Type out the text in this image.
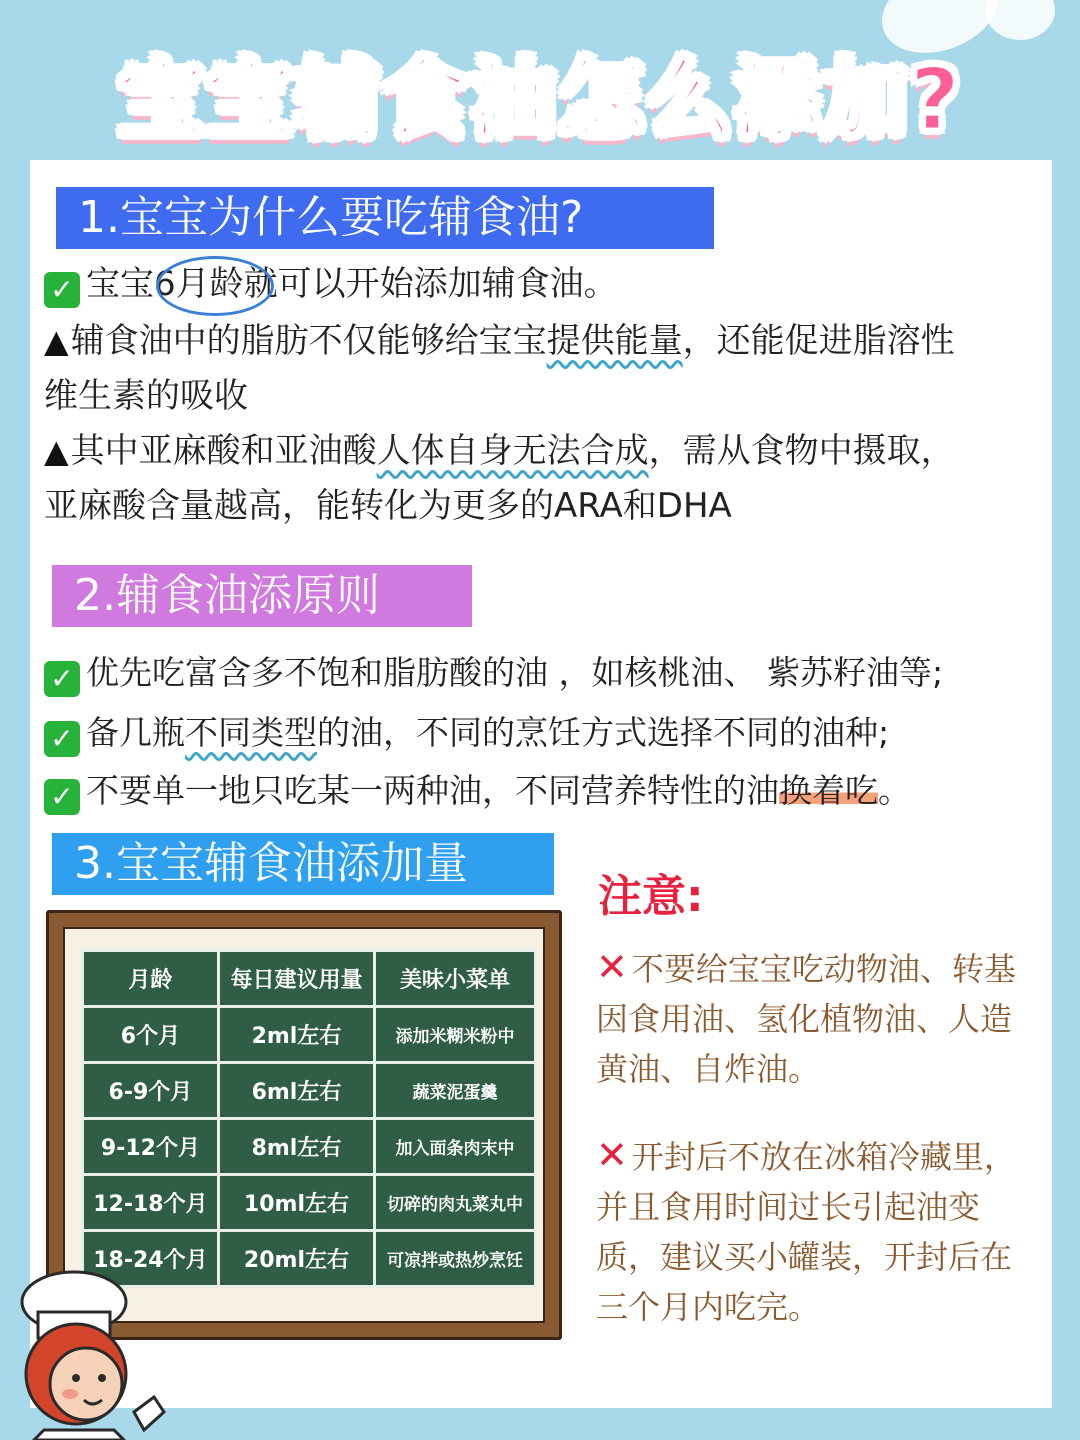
宝宝辅食油怎么添加?
1.宝宝为什么要吃辅食油?
✓ 宝宝6月龄就可以开始添加辅食油。
▲辅食油中的脂肪不仅能够给宝宝提供能量，还能促进脂溶性
维生素的吸收
▲其中亚麻酸和亚油酸人体自身无法合成，需从食物中摄取，
亚麻酸含量越高，能转化为更多的ARA和DHA
2.辅食油添原则
✓ 优先吃富含多不饱和脂肪酸的油 ，如核桃油、 紫苏籽油等;
✓ 备几瓶不同类型的油，不同的烹饪方式选择不同的油种;
✓ 不要单一地只吃某一两种油，不同营养特性的油换着吃。
3.宝宝辅食油添加量
月龄	每日建议用量	美味小菜单
6个月	2ml左右	添加米糊米粉中
6-9个月	6ml左右	蔬菜泥蛋羹
9-12个月	8ml左右	加入面条肉末中
12-18个月	10ml左右	切碎的肉丸菜丸中
18-24个月	20ml左右	可凉拌或热炒烹饪
注意:
✕ 不要给宝宝吃动物油、转基因食用油、氢化植物油、人造黄油、自炸油。
✕ 开封后不放在冰箱冷藏里，并且食用时间过长引起油变质，建议买小罐装，开封后在三个月内吃完。
